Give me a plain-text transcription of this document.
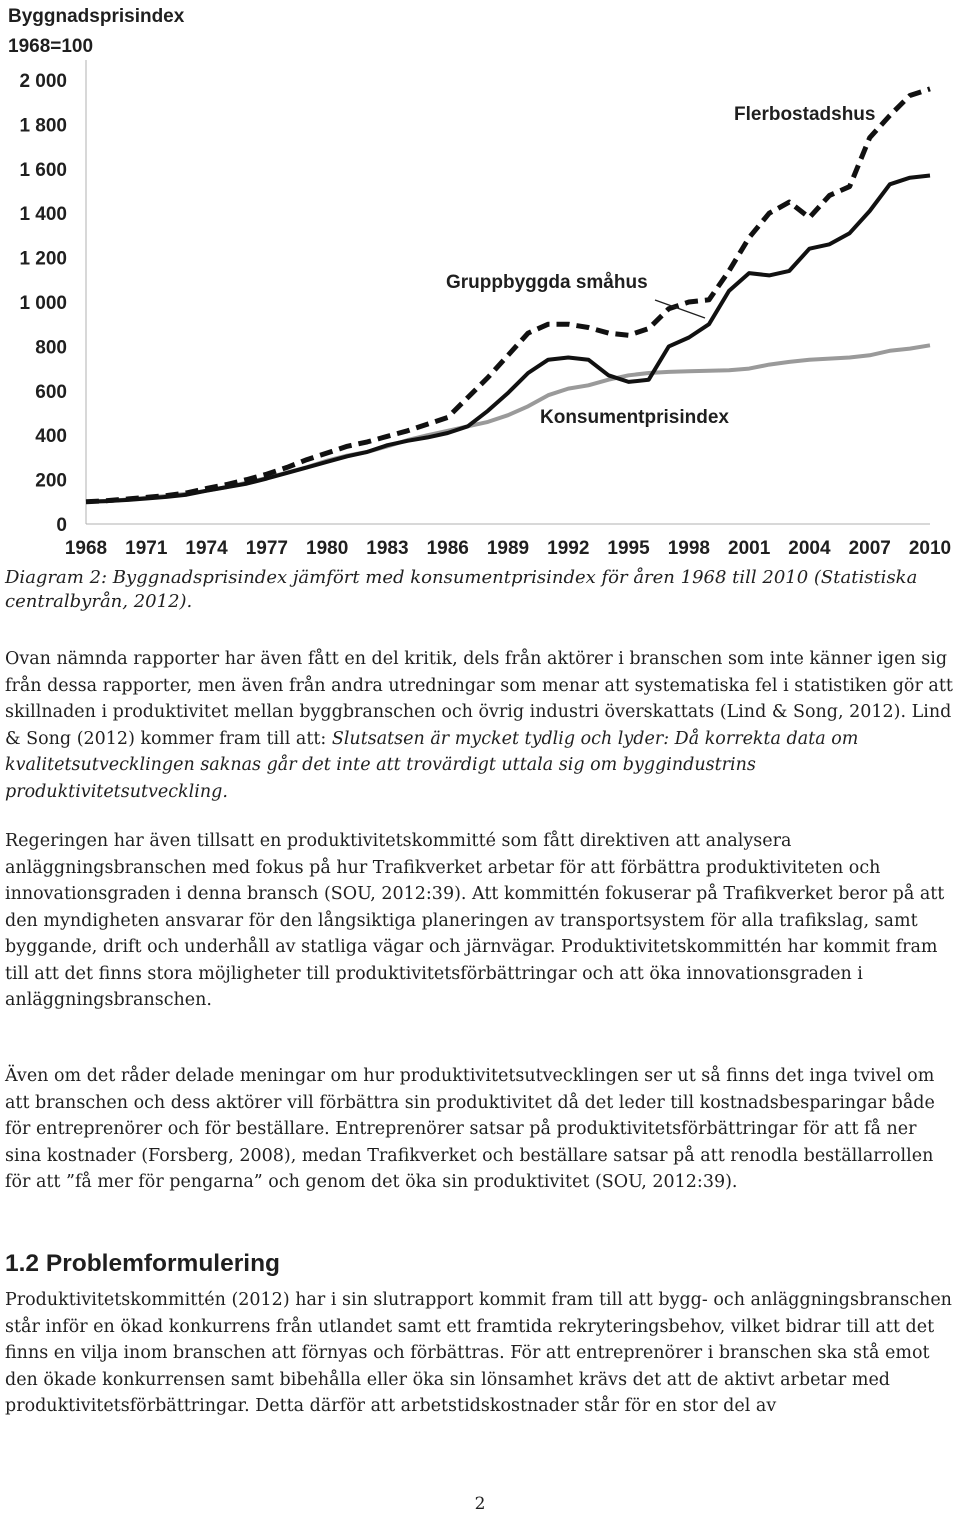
Byggnadsprisindex
1968=100
0
200
400
600
800
1 000
1 200
1 400
1 600
1 800
2 000
1968 1971 1974 1977 1980 1983 1986 1989 1992 1995 1998 2001 2004 2007 2010
Flerbostadshus
Gruppbyggda småhus
Konsumentprisindex

Diagram 2: Byggnadsprisindex jämfört med konsumentprisindex för åren 1968 till 2010 (Statistiska centralbyrån, 2012).

Ovan nämnda rapporter har även fått en del kritik, dels från aktörer i branschen som inte känner igen sig från dessa rapporter, men även från andra utredningar som menar att systematiska fel i statistiken gör att skillnaden i produktivitet mellan byggbranschen och övrig industri överskattats (Lind & Song, 2012). Lind & Song (2012) kommer fram till att: Slutsatsen är mycket tydlig och lyder: Då korrekta data om kvalitetsutvecklingen saknas går det inte att trovärdigt uttala sig om byggindustrins produktivitetsutveckling.

Regeringen har även tillsatt en produktivitetskommitté som fått direktiven att analysera anläggningsbranschen med fokus på hur Trafikverket arbetar för att förbättra produktiviteten och innovationsgraden i denna bransch (SOU, 2012:39). Att kommittén fokuserar på Trafikverket beror på att den myndigheten ansvarar för den långsiktiga planeringen av transportsystem för alla trafikslag, samt byggande, drift och underhåll av statliga vägar och järnvägar. Produktivitetskommittén har kommit fram till att det finns stora möjligheter till produktivitetsförbättringar och att öka innovationsgraden i anläggningsbranschen.

Även om det råder delade meningar om hur produktivitetsutvecklingen ser ut så finns det inga tvivel om att branschen och dess aktörer vill förbättra sin produktivitet då det leder till kostnadsbesparingar både för entreprenörer och för beställare. Entreprenörer satsar på produktivitetsförbättringar för att få ner sina kostnader (Forsberg, 2008), medan Trafikverket och beställare satsar på att renodla beställarrollen för att ”få mer för pengarna” och genom det öka sin produktivitet (SOU, 2012:39).

1.2 Problemformulering

Produktivitetskommittén (2012) har i sin slutrapport kommit fram till att bygg- och anläggningsbranschen står inför en ökad konkurrens från utlandet samt ett framtida rekryteringsbehov, vilket bidrar till att det finns en vilja inom branschen att förnyas och förbättras. För att entreprenörer i branschen ska stå emot den ökade konkurrensen samt bibehålla eller öka sin lönsamhet krävs det att de aktivt arbetar med produktivitetsförbättringar. Detta därför att arbetstidskostnader står för en stor del av

2
